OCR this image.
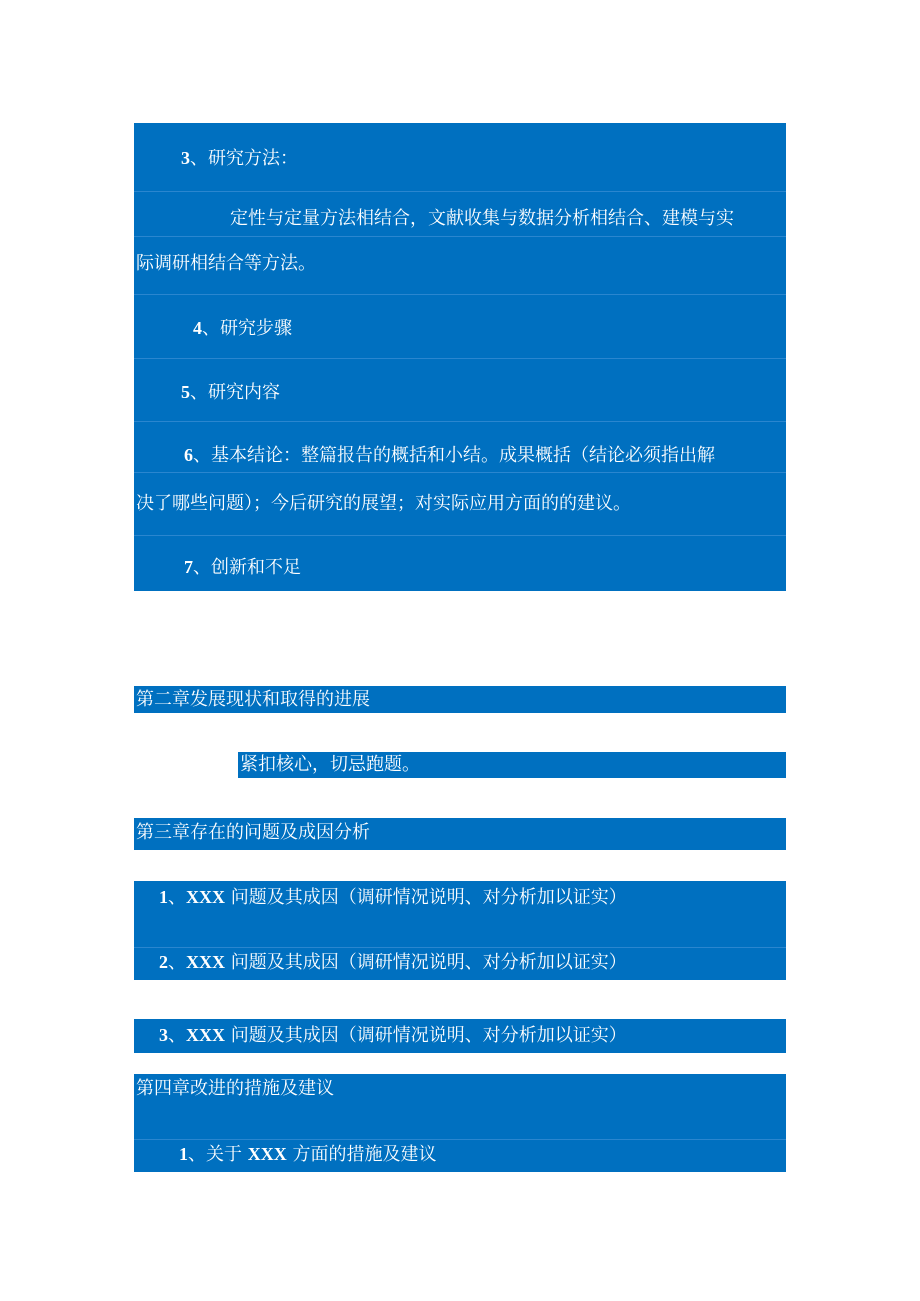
3、研究方法：
定性与定量方法相结合，文献收集与数据分析相结合、建模与实
际调研相结合等方法。
4、研究步骤
5、研究内容
6、基本结论：整篇报告的概括和小结。成果概括（结论必须指出解
决了哪些问题）；今后研究的展望；对实际应用方面的的建议。
7、创新和不足
第二章发展现状和取得的进展
紧扣核心，切忌跑题。
第三章存在的问题及成因分析
1、XXX 问题及其成因（调研情况说明、对分析加以证实）
2、XXX 问题及其成因（调研情况说明、对分析加以证实）
3、XXX 问题及其成因（调研情况说明、对分析加以证实）
第四章改进的措施及建议
1、关于 XXX 方面的措施及建议
